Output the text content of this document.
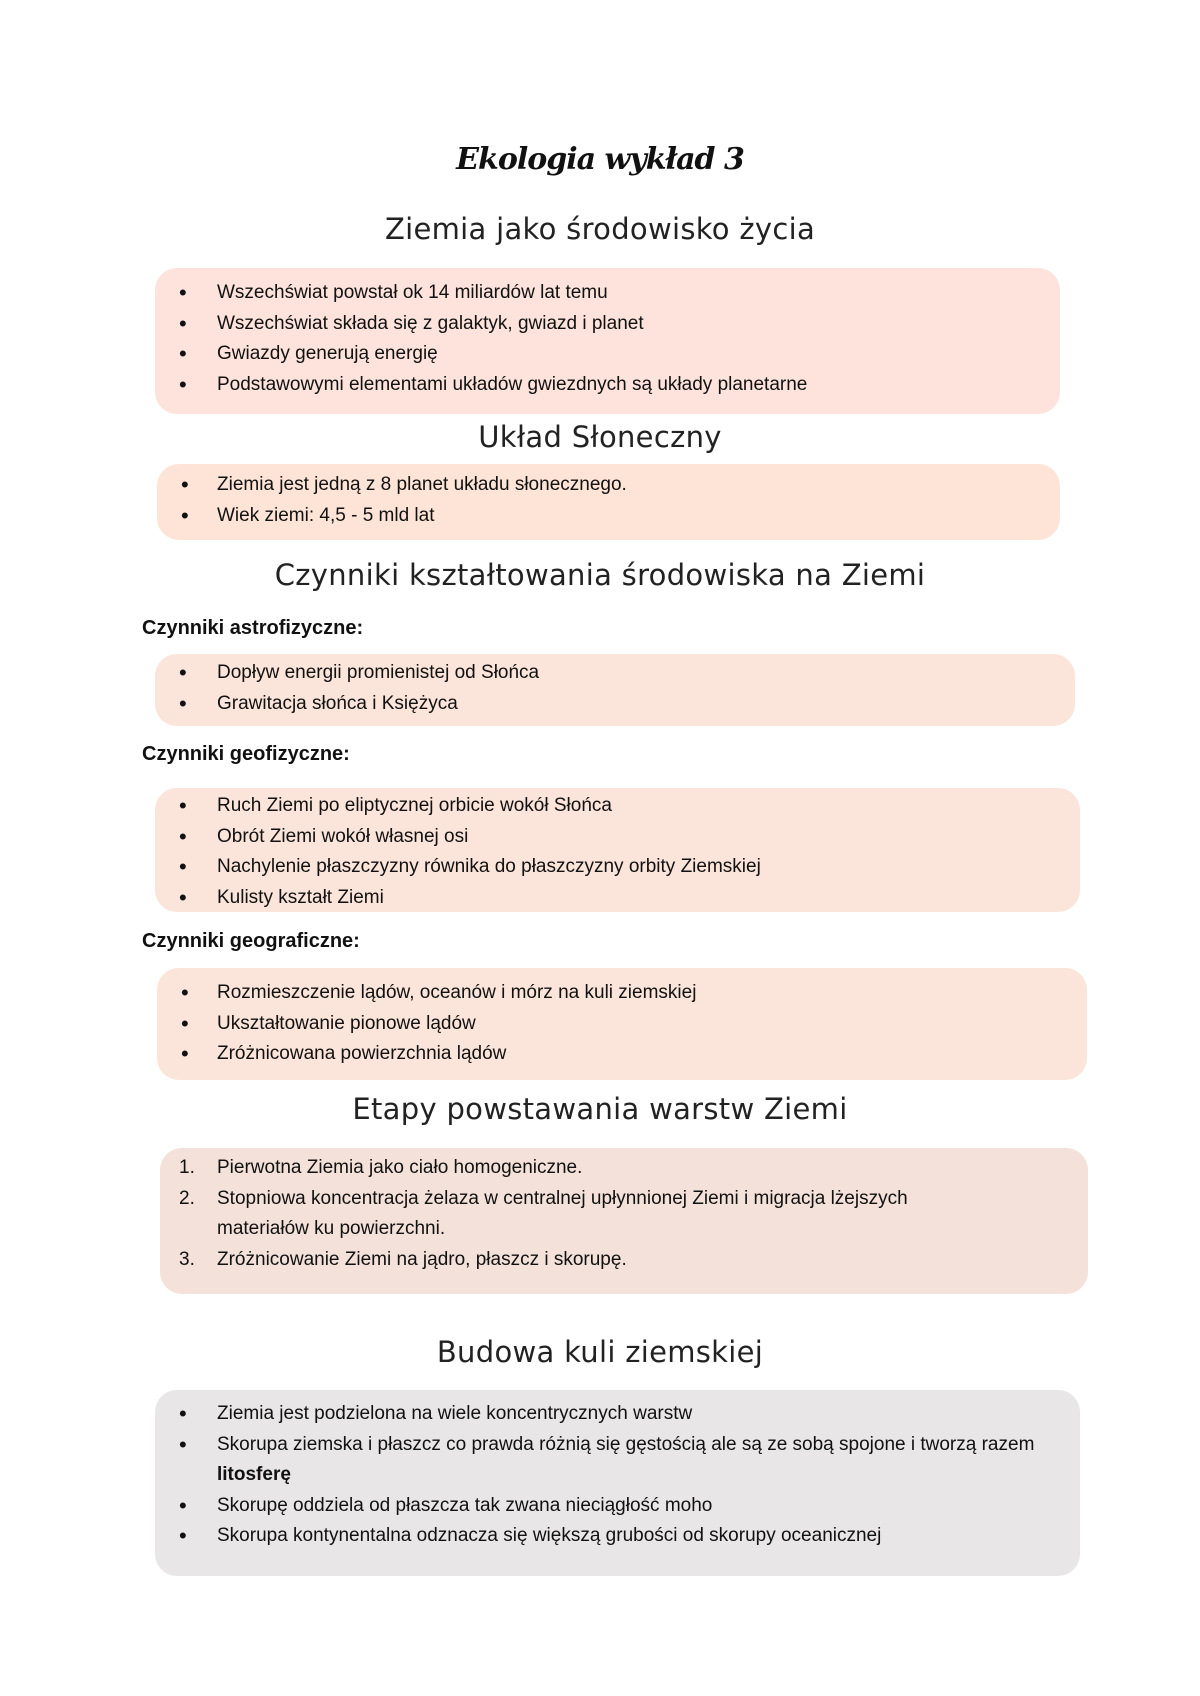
Ekologia wykład 3
Ziemia jako środowisko życia
• Wszechświat powstał ok 14 miliardów lat temu
• Wszechświat składa się z galaktyk, gwiazd i planet
• Gwiazdy generują energię
• Podstawowymi elementami układów gwiezdnych są układy planetarne
Układ Słoneczny
• Ziemia jest jedną z 8 planet układu słonecznego.
• Wiek ziemi: 4,5 - 5 mld lat
Czynniki kształtowania środowiska na Ziemi
Czynniki astrofizyczne:
• Dopływ energii promienistej od Słońca
• Grawitacja słońca i Księżyca
Czynniki geofizyczne:
• Ruch Ziemi po eliptycznej orbicie wokół Słońca
• Obrót Ziemi wokół własnej osi
• Nachylenie płaszczyzny równika do płaszczyzny orbity Ziemskiej
• Kulisty kształt Ziemi
Czynniki geograficzne:
• Rozmieszczenie lądów, oceanów i mórz na kuli ziemskiej
• Ukształtowanie pionowe lądów
• Zróżnicowana powierzchnia lądów
Etapy powstawania warstw Ziemi
1.	Pierwotna Ziemia jako ciało homogeniczne.
2.	Stopniowa koncentracja żelaza w centralnej upłynnionej Ziemi i migracja lżejszych materiałów ku powierzchni.
3.	Zróżnicowanie Ziemi na jądro, płaszcz i skorupę.
Budowa kuli ziemskiej
• Ziemia jest podzielona na wiele koncentrycznych warstw
• Skorupa ziemska i płaszcz co prawda różnią się gęstością ale są ze sobą spojone i tworzą razem litosferę
• Skorupę oddziela od płaszcza tak zwana nieciągłość moho
• Skorupa kontynentalna odznacza się większą grubości od skorupy oceanicznej
